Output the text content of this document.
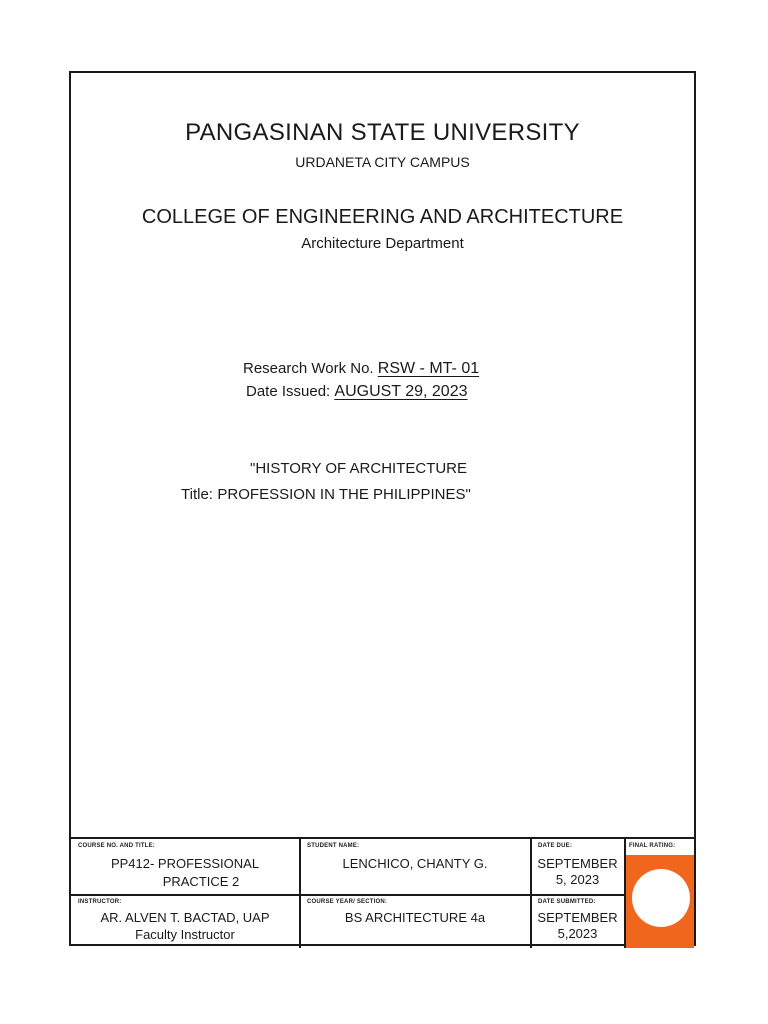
PANGASINAN STATE UNIVERSITY
URDANETA CITY CAMPUS
COLLEGE OF ENGINEERING AND ARCHITECTURE
Architecture Department
Research Work No. RSW - MT- 01
Date Issued: AUGUST 29, 2023
"HISTORY OF ARCHITECTURE
Title: PROFESSION IN THE PHILIPPINES"
COURSE NO. AND TITLE:
PP412- PROFESSIONAL
PRACTICE 2
STUDENT NAME:
LENCHICO, CHANTY G.
DATE DUE:
SEPTEMBER
5, 2023
FINAL RATING:
INSTRUCTOR:
AR. ALVEN T. BACTAD, UAP
Faculty Instructor
COURSE YEAR/ SECTION:
BS ARCHITECTURE 4a
DATE SUBMITTED:
SEPTEMBER
5,2023
